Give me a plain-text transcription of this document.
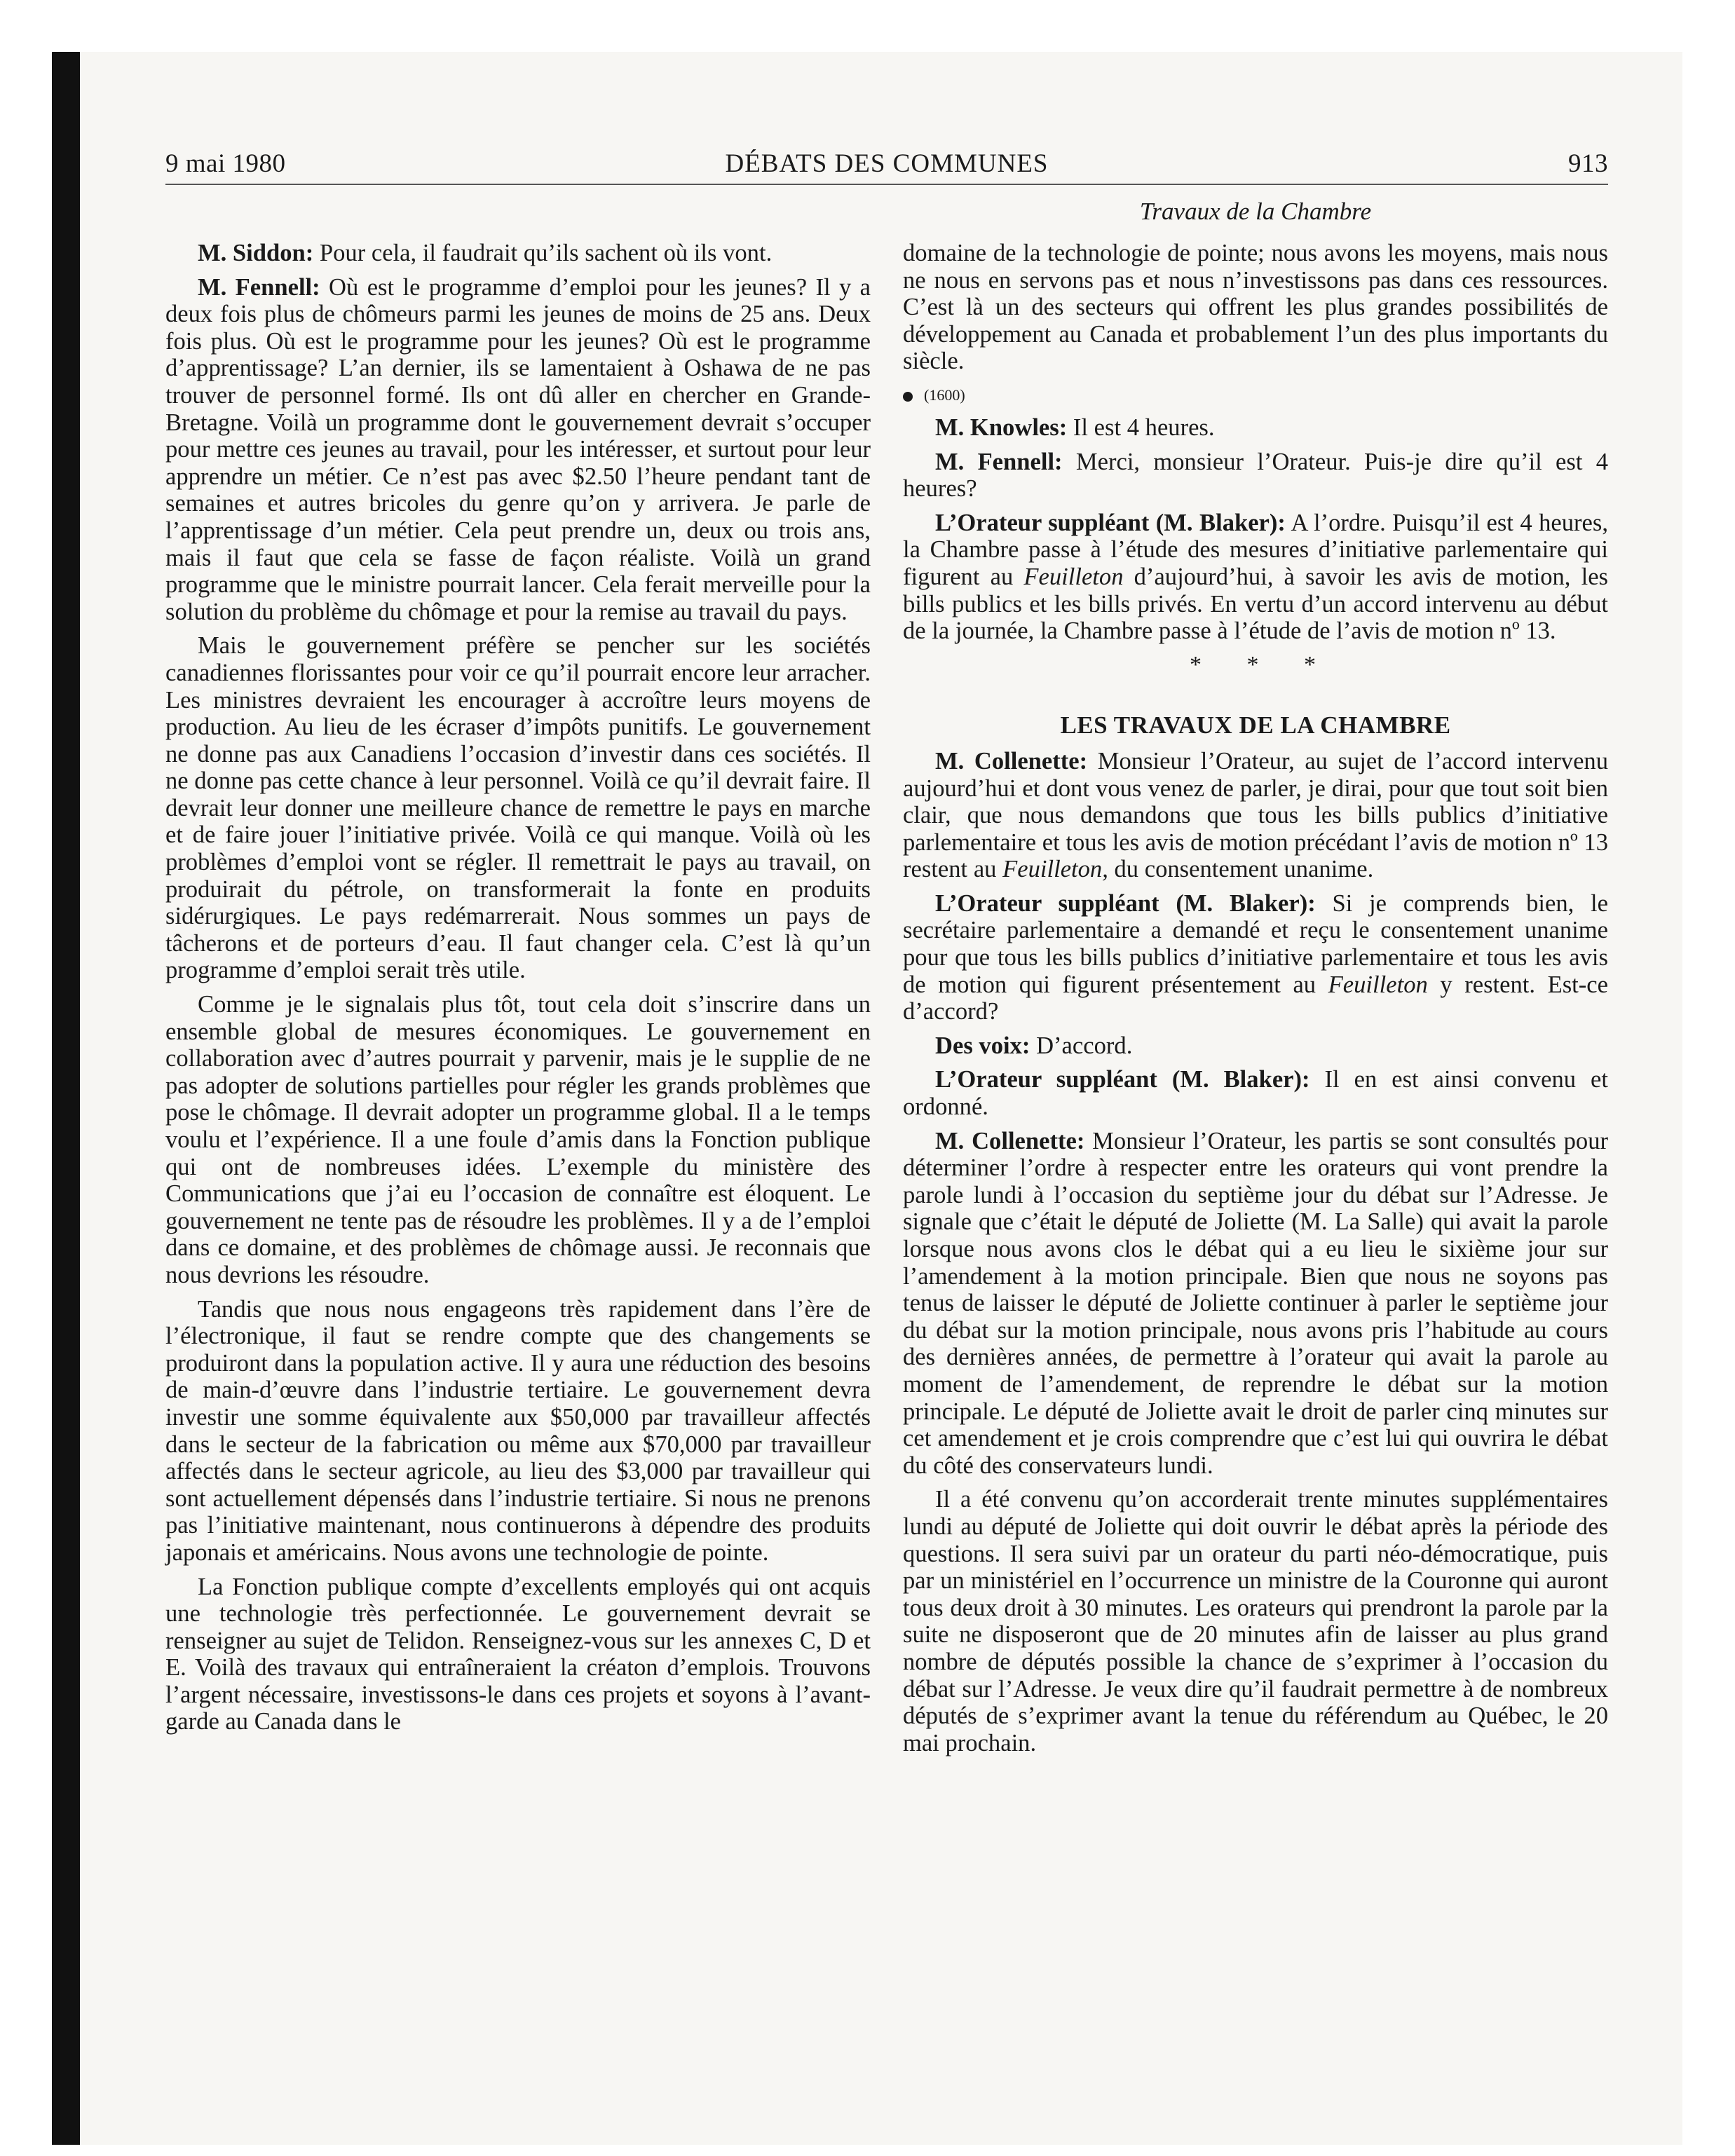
9 mai 1980	DÉBATS DES COMMUNES	913
Travaux de la Chambre

M. Siddon: Pour cela, il faudrait qu’ils sachent où ils vont.

M. Fennell: Où est le programme d’emploi pour les jeunes? Il y a deux fois plus de chômeurs parmi les jeunes de moins de 25 ans. Deux fois plus. Où est le programme pour les jeunes? Où est le programme d’apprentissage? L’an dernier, ils se lamentaient à Oshawa de ne pas trouver de personnel formé. Ils ont dû aller en chercher en Grande-Bretagne. Voilà un programme dont le gouvernement devrait s’occuper pour mettre ces jeunes au travail, pour les intéresser, et surtout pour leur apprendre un métier. Ce n’est pas avec $2.50 l’heure pendant tant de semaines et autres bricoles du genre qu’on y arrivera. Je parle de l’apprentissage d’un métier. Cela peut prendre un, deux ou trois ans, mais il faut que cela se fasse de façon réaliste. Voilà un grand programme que le ministre pourrait lancer. Cela ferait merveille pour la solution du problème du chômage et pour la remise au travail du pays.

Mais le gouvernement préfère se pencher sur les sociétés canadiennes florissantes pour voir ce qu’il pourrait encore leur arracher. Les ministres devraient les encourager à accroître leurs moyens de production. Au lieu de les écraser d’impôts punitifs. Le gouvernement ne donne pas aux Canadiens l’occasion d’investir dans ces sociétés. Il ne donne pas cette chance à leur personnel. Voilà ce qu’il devrait faire. Il devrait leur donner une meilleure chance de remettre le pays en marche et de faire jouer l’initiative privée. Voilà ce qui manque. Voilà où les problèmes d’emploi vont se régler. Il remettrait le pays au travail, on produirait du pétrole, on transformerait la fonte en produits sidérurgiques. Le pays redémarrerait. Nous sommes un pays de tâcherons et de porteurs d’eau. Il faut changer cela. C’est là qu’un programme d’emploi serait très utile.

Comme je le signalais plus tôt, tout cela doit s’inscrire dans un ensemble global de mesures économiques. Le gouvernement en collaboration avec d’autres pourrait y parvenir, mais je le supplie de ne pas adopter de solutions partielles pour régler les grands problèmes que pose le chômage. Il devrait adopter un programme global. Il a le temps voulu et l’expérience. Il a une foule d’amis dans la Fonction publique qui ont de nombreuses idées. L’exemple du ministère des Communications que j’ai eu l’occasion de connaître est éloquent. Le gouvernement ne tente pas de résoudre les problèmes. Il y a de l’emploi dans ce domaine, et des problèmes de chômage aussi. Je reconnais que nous devrions les résoudre.

Tandis que nous nous engageons très rapidement dans l’ère de l’électronique, il faut se rendre compte que des changements se produiront dans la population active. Il y aura une réduction des besoins de main-d’œuvre dans l’industrie tertiaire. Le gouvernement devra investir une somme équivalente aux $50,000 par travailleur affectés dans le secteur de la fabrication ou même aux $70,000 par travailleur affectés dans le secteur agricole, au lieu des $3,000 par travailleur qui sont actuellement dépensés dans l’industrie tertiaire. Si nous ne prenons pas l’initiative maintenant, nous continuerons à dépendre des produits japonais et américains. Nous avons une technologie de pointe.

La Fonction publique compte d’excellents employés qui ont acquis une technologie très perfectionnée. Le gouvernement devrait se renseigner au sujet de Telidon. Renseignez-vous sur les annexes C, D et E. Voilà des travaux qui entraîneraient la créaton d’emplois. Trouvons l’argent nécessaire, investissons-le dans ces projets et soyons à l’avant-garde au Canada dans le

domaine de la technologie de pointe; nous avons les moyens, mais nous ne nous en servons pas et nous n’investissons pas dans ces ressources. C’est là un des secteurs qui offrent les plus grandes possibilités de développement au Canada et probablement l’un des plus importants du siècle.

(1600)

M. Knowles: Il est 4 heures.

M. Fennell: Merci, monsieur l’Orateur. Puis-je dire qu’il est 4 heures?

L’Orateur suppléant (M. Blaker): A l’ordre. Puisqu’il est 4 heures, la Chambre passe à l’étude des mesures d’initiative parlementaire qui figurent au Feuilleton d’aujourd’hui, à savoir les avis de motion, les bills publics et les bills privés. En vertu d’un accord intervenu au début de la journée, la Chambre passe à l’étude de l’avis de motion nº 13.

* * *
LES TRAVAUX DE LA CHAMBRE

M. Collenette: Monsieur l’Orateur, au sujet de l’accord intervenu aujourd’hui et dont vous venez de parler, je dirai, pour que tout soit bien clair, que nous demandons que tous les bills publics d’initiative parlementaire et tous les avis de motion précédant l’avis de motion nº 13 restent au Feuilleton, du consentement unanime.

L’Orateur suppléant (M. Blaker): Si je comprends bien, le secrétaire parlementaire a demandé et reçu le consentement unanime pour que tous les bills publics d’initiative parlementaire et tous les avis de motion qui figurent présentement au Feuilleton y restent. Est-ce d’accord?

Des voix: D’accord.

L’Orateur suppléant (M. Blaker): Il en est ainsi convenu et ordonné.

M. Collenette: Monsieur l’Orateur, les partis se sont consultés pour déterminer l’ordre à respecter entre les orateurs qui vont prendre la parole lundi à l’occasion du septième jour du débat sur l’Adresse. Je signale que c’était le député de Joliette (M. La Salle) qui avait la parole lorsque nous avons clos le débat qui a eu lieu le sixième jour sur l’amendement à la motion principale. Bien que nous ne soyons pas tenus de laisser le député de Joliette continuer à parler le septième jour du débat sur la motion principale, nous avons pris l’habitude au cours des dernières années, de permettre à l’orateur qui avait la parole au moment de l’amendement, de reprendre le débat sur la motion principale. Le député de Joliette avait le droit de parler cinq minutes sur cet amendement et je crois comprendre que c’est lui qui ouvrira le débat du côté des conservateurs lundi.

Il a été convenu qu’on accorderait trente minutes supplémentaires lundi au député de Joliette qui doit ouvrir le débat après la période des questions. Il sera suivi par un orateur du parti néo-démocratique, puis par un ministériel en l’occurrence un ministre de la Couronne qui auront tous deux droit à 30 minutes. Les orateurs qui prendront la parole par la suite ne disposeront que de 20 minutes afin de laisser au plus grand nombre de députés possible la chance de s’exprimer à l’occasion du débat sur l’Adresse. Je veux dire qu’il faudrait permettre à de nombreux députés de s’exprimer avant la tenue du référendum au Québec, le 20 mai prochain.
